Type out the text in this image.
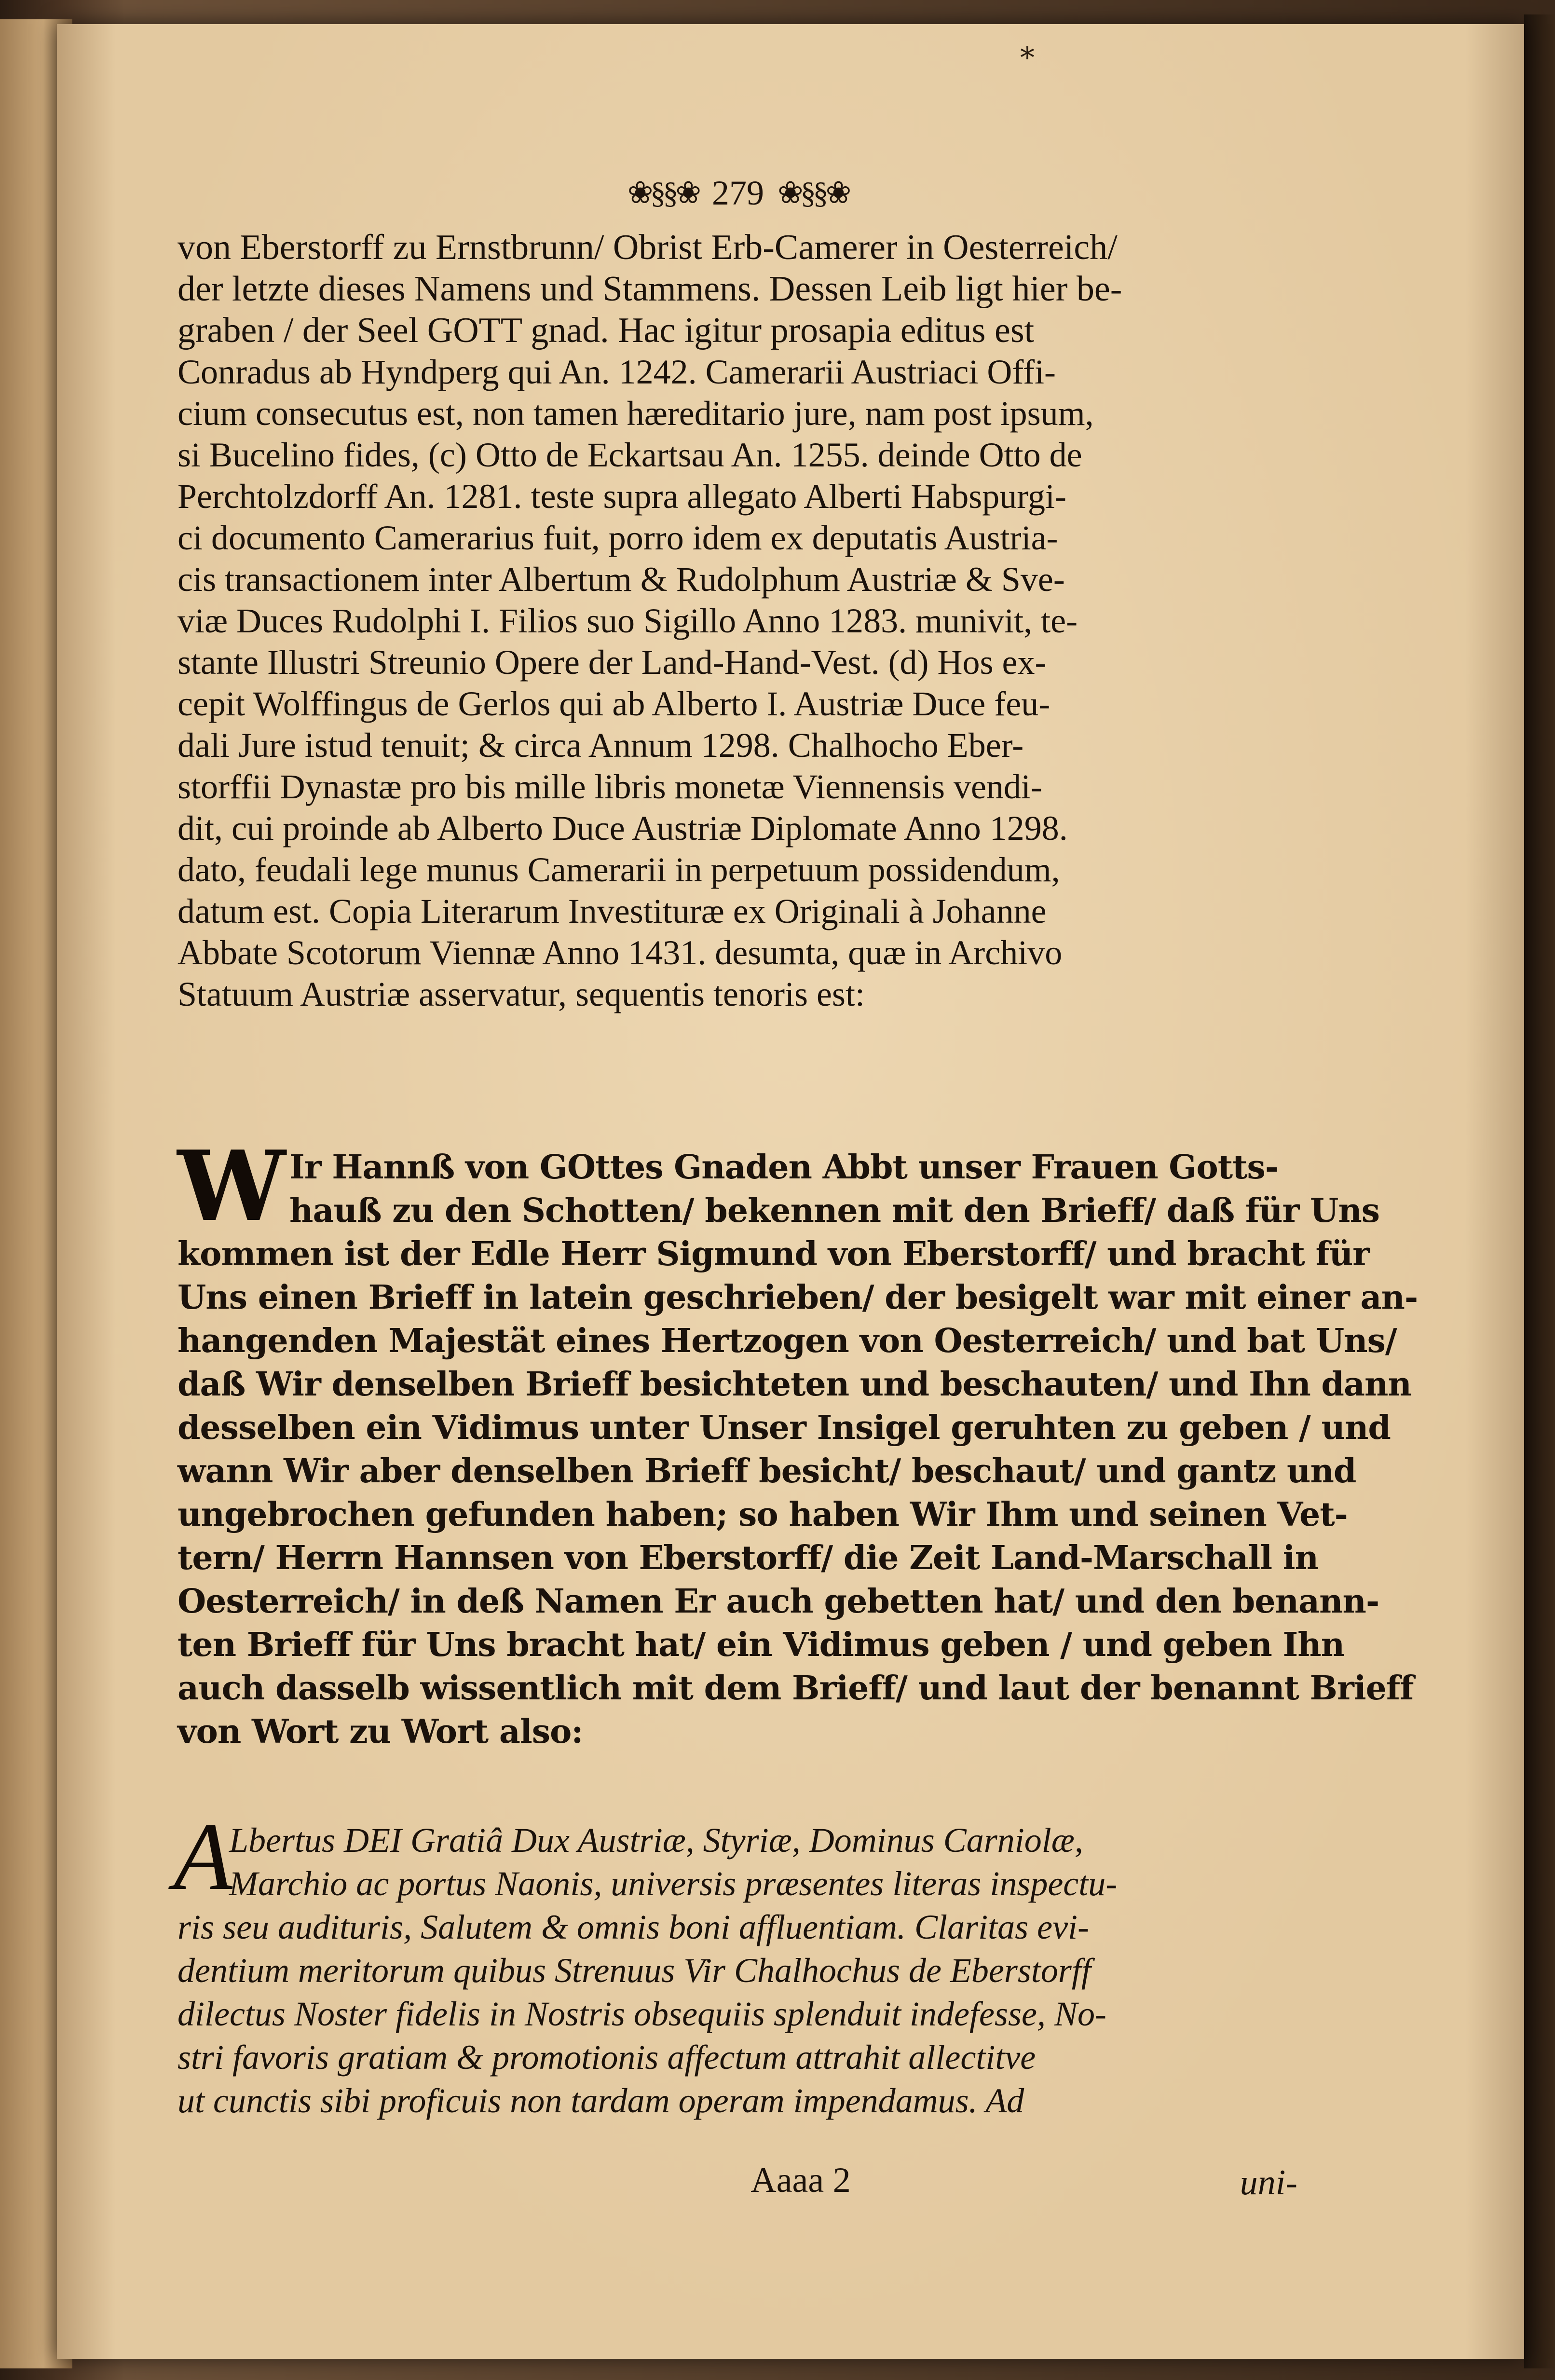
*
❀§§❀ 279 ❀§§❀
von Eberstorff zu Ernstbrunn/ Obrist Erb-Camerer in Oesterreich/
der letzte dieses Namens und Stammens. Dessen Leib ligt hier be-
graben / der Seel GOTT gnad. Hac igitur prosapia editus est
Conradus ab Hyndperg qui An. 1242. Camerarii Austriaci Offi-
cium consecutus est, non tamen hæreditario jure, nam post ipsum,
si Bucelino fides, (c) Otto de Eckartsau An. 1255. deinde Otto de
Perchtolzdorff An. 1281. teste supra allegato Alberti Habspurgi-
ci documento Camerarius fuit, porro idem ex deputatis Austria-
cis transactionem inter Albertum & Rudolphum Austriæ & Sve-
viæ Duces Rudolphi I. Filios suo Sigillo Anno 1283. munivit, te-
stante Illustri Streunio Opere der Land-Hand-Vest. (d) Hos ex-
cepit Wolffingus de Gerlos qui ab Alberto I. Austriæ Duce feu-
dali Jure istud tenuit; & circa Annum 1298. Chalhocho Eber-
storffii Dynastæ pro bis mille libris monetæ Viennensis vendi-
dit, cui proinde ab Alberto Duce Austriæ Diplomate Anno 1298.
dato, feudali lege munus Camerarii in perpetuum possidendum,
datum est. Copia Literarum Investituræ ex Originali à Johanne
Abbate Scotorum Viennæ Anno 1431. desumta, quæ in Archivo
Statuum Austriæ asservatur, sequentis tenoris est:
W Ir Hannß von GOttes Gnaden Abbt unser Frauen Gotts-
hauß zu den Schotten/ bekennen mit den Brieff/ daß für Uns
kommen ist der Edle Herr Sigmund von Eberstorff/ und bracht für
Uns einen Brieff in latein geschrieben/ der besigelt war mit einer an-
hangenden Majestät eines Hertzogen von Oesterreich/ und bat Uns/
daß Wir denselben Brieff besichteten und beschauten/ und Ihn dann
desselben ein Vidimus unter Unser Insigel geruhten zu geben / und
wann Wir aber denselben Brieff besicht/ beschaut/ und gantz und
ungebrochen gefunden haben; so haben Wir Ihm und seinen Vet-
tern/ Herrn Hannsen von Eberstorff/ die Zeit Land-Marschall in
Oesterreich/ in deß Namen Er auch gebetten hat/ und den benann-
ten Brieff für Uns bracht hat/ ein Vidimus geben / und geben Ihn
auch dasselb wissentlich mit dem Brieff/ und laut der benannt Brieff
von Wort zu Wort also:
A
Lbertus DEI Gratiâ Dux Austriæ, Styriæ, Dominus Carniolæ,
Marchio ac portus Naonis, universis præsentes literas inspectu-
ris seu audituris, Salutem & omnis boni affluentiam. Claritas evi-
dentium meritorum quibus Strenuus Vir Chalhochus de Eberstorff
dilectus Noster fidelis in Nostris obsequiis splenduit indefesse, No-
stri favoris gratiam & promotionis affectum attrahit allectitve
ut cunctis sibi proficuis non tardam operam impendamus. Ad
Aaaa 2	uni-
